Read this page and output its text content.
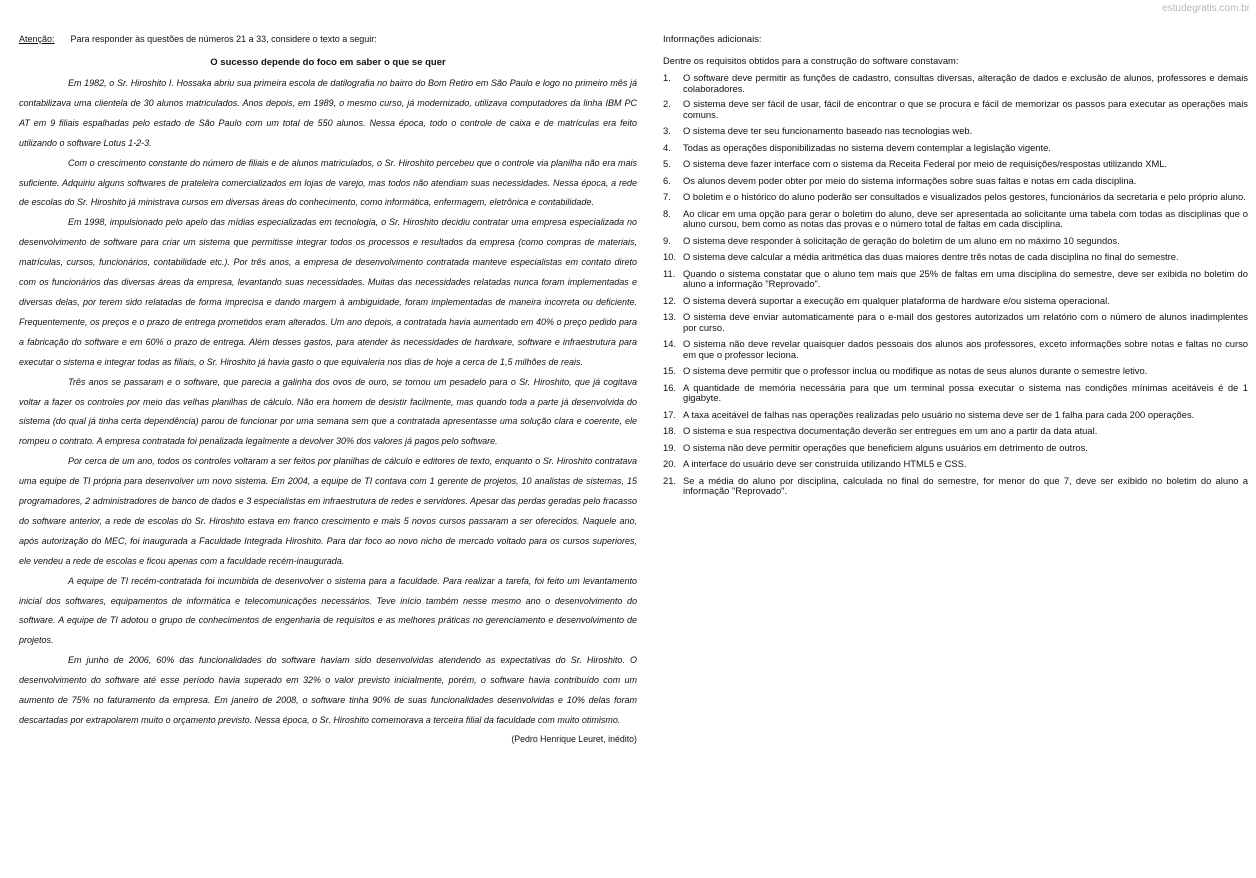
estudegratis.com.br

Atenção: Para responder às questões de números 21 a 33, considere o texto a seguir:

O sucesso depende do foco em saber o que se quer

Em 1982, o Sr. Hiroshito I. Hossaka abriu sua primeira escola de datilografia no bairro do Bom Retiro em São Paulo e logo no primeiro mês já contabilizava uma clientela de 30 alunos matriculados. Anos depois, em 1989, o mesmo curso, já modernizado, utilizava computadores da linha IBM PC AT em 9 filiais espalhadas pelo estado de São Paulo com um total de 550 alunos. Nessa época, todo o controle de caixa e de matrículas era feito utilizando o software Lotus 1-2-3.

Com o crescimento constante do número de filiais e de alunos matriculados, o Sr. Hiroshito percebeu que o controle via planilha não era mais suficiente. Adquiriu alguns softwares de prateleira comercializados em lojas de varejo, mas todos não atendiam suas necessidades. Nessa época, a rede de escolas do Sr. Hiroshito já ministrava cursos em diversas áreas do conhecimento, como informática, enfermagem, eletrônica e contabilidade.

Em 1998, impulsionado pelo apelo das mídias especializadas em tecnologia, o Sr. Hiroshito decidiu contratar uma empresa especializada no desenvolvimento de software para criar um sistema que permitisse integrar todos os processos e resultados da empresa (como compras de materiais, matrículas, cursos, funcionários, contabilidade etc.). Por três anos, a empresa de desenvolvimento contratada manteve especialistas em contato direto com os funcionários das diversas áreas da empresa, levantando suas necessidades. Muitas das necessidades relatadas nunca foram implementadas e diversas delas, por terem sido relatadas de forma imprecisa e dando margem à ambiguidade, foram implementadas de maneira incorreta ou deficiente. Frequentemente, os preços e o prazo de entrega prometidos eram alterados. Um ano depois, a contratada havia aumentado em 40% o preço pedido para a fabricação do software e em 60% o prazo de entrega. Além desses gastos, para atender às necessidades de hardware, software e infraestrutura para executar o sistema e integrar todas as filiais, o Sr. Hiroshito já havia gasto o que equivaleria nos dias de hoje a cerca de 1,5 milhões de reais.

Três anos se passaram e o software, que parecia a galinha dos ovos de ouro, se tornou um pesadelo para o Sr. Hiroshito, que já cogitava voltar a fazer os controles por meio das velhas planilhas de cálculo. Não era homem de desistir facilmente, mas quando toda a parte já desenvolvida do sistema (do qual já tinha certa dependência) parou de funcionar por uma semana sem que a contratada apresentasse uma solução clara e coerente, ele rompeu o contrato. A empresa contratada foi penalizada legalmente a devolver 30% dos valores já pagos pelo software.

Por cerca de um ano, todos os controles voltaram a ser feitos por planilhas de cálculo e editores de texto, enquanto o Sr. Hiroshito contratava uma equipe de TI própria para desenvolver um novo sistema. Em 2004, a equipe de TI contava com 1 gerente de projetos, 10 analistas de sistemas, 15 programadores, 2 administradores de banco de dados e 3 especialistas em infraestrutura de redes e servidores. Apesar das perdas geradas pelo fracasso do software anterior, a rede de escolas do Sr. Hiroshito estava em franco crescimento e mais 5 novos cursos passaram a ser oferecidos. Naquele ano, após autorização do MEC, foi inaugurada a Faculdade Integrada Hiroshito. Para dar foco ao novo nicho de mercado voltado para os cursos superiores, ele vendeu a rede de escolas e ficou apenas com a faculdade recém-inaugurada.

A equipe de TI recém-contratada foi incumbida de desenvolver o sistema para a faculdade. Para realizar a tarefa, foi feito um levantamento inicial dos softwares, equipamentos de informática e telecomunicações necessários. Teve início também nesse mesmo ano o desenvolvimento do software. A equipe de TI adotou o grupo de conhecimentos de engenharia de requisitos e as melhores práticas no gerenciamento e desenvolvimento de projetos.

Em junho de 2006, 60% das funcionalidades do software haviam sido desenvolvidas atendendo as expectativas do Sr. Hiroshito. O desenvolvimento do software até esse período havia superado em 32% o valor previsto inicialmente, porém, o software havia contribuído com um aumento de 75% no faturamento da empresa. Em janeiro de 2008, o software tinha 90% de suas funcionalidades desenvolvidas e 10% delas foram descartadas por extrapolarem muito o orçamento previsto. Nessa época, o Sr. Hiroshito comemorava a terceira filial da faculdade com muito otimismo.

(Pedro Henrique Leuret, inédito)

Informações adicionais:

Dentre os requisitos obtidos para a construção do software constavam:

1.	O software deve permitir as funções de cadastro, consultas diversas, alteração de dados e exclusão de alunos, professores e demais colaboradores.
2.	O sistema deve ser fácil de usar, fácil de encontrar o que se procura e fácil de memorizar os passos para executar as operações mais comuns.
3.	O sistema deve ter seu funcionamento baseado nas tecnologias web.
4.	Todas as operações disponibilizadas no sistema devem contemplar a legislação vigente.
5.	O sistema deve fazer interface com o sistema da Receita Federal por meio de requisições/respostas utilizando XML.
6.	Os alunos devem poder obter por meio do sistema informações sobre suas faltas e notas em cada disciplina.
7.	O boletim e o histórico do aluno poderão ser consultados e visualizados pelos gestores, funcionários da secretaria e pelo próprio aluno.
8.	Ao clicar em uma opção para gerar o boletim do aluno, deve ser apresentada ao solicitante uma tabela com todas as disciplinas que o aluno cursou, bem como as notas das provas e o número total de faltas em cada disciplina.
9.	O sistema deve responder à solicitação de geração do boletim de um aluno em no máximo 10 segundos.
10. O sistema deve calcular a média aritmética das duas maiores dentre três notas de cada disciplina no final do semestre.
11. Quando o sistema constatar que o aluno tem mais que 25% de faltas em uma disciplina do semestre, deve ser exibida no boletim do aluno a informação "Reprovado".
12. O sistema deverá suportar a execução em qualquer plataforma de hardware e/ou sistema operacional.
13. O sistema deve enviar automaticamente para o e-mail dos gestores autorizados um relatório com o número de alunos inadimplentes por curso.
14. O sistema não deve revelar quaisquer dados pessoais dos alunos aos professores, exceto informações sobre notas e faltas no curso em que o professor leciona.
15. O sistema deve permitir que o professor inclua ou modifique as notas de seus alunos durante o semestre letivo.
16. A quantidade de memória necessária para que um terminal possa executar o sistema nas condições mínimas aceitáveis é de 1 gigabyte.
17. A taxa aceitável de falhas nas operações realizadas pelo usuário no sistema deve ser de 1 falha para cada 200 operações.
18. O sistema e sua respectiva documentação deverão ser entregues em um ano a partir da data atual.
19. O sistema não deve permitir operações que beneficiem alguns usuários em detrimento de outros.
20. A interface do usuário deve ser construída utilizando HTML5 e CSS.
21. Se a média do aluno por disciplina, calculada no final do semestre, for menor do que 7, deve ser exibido no boletim do aluno a informação "Reprovado".
